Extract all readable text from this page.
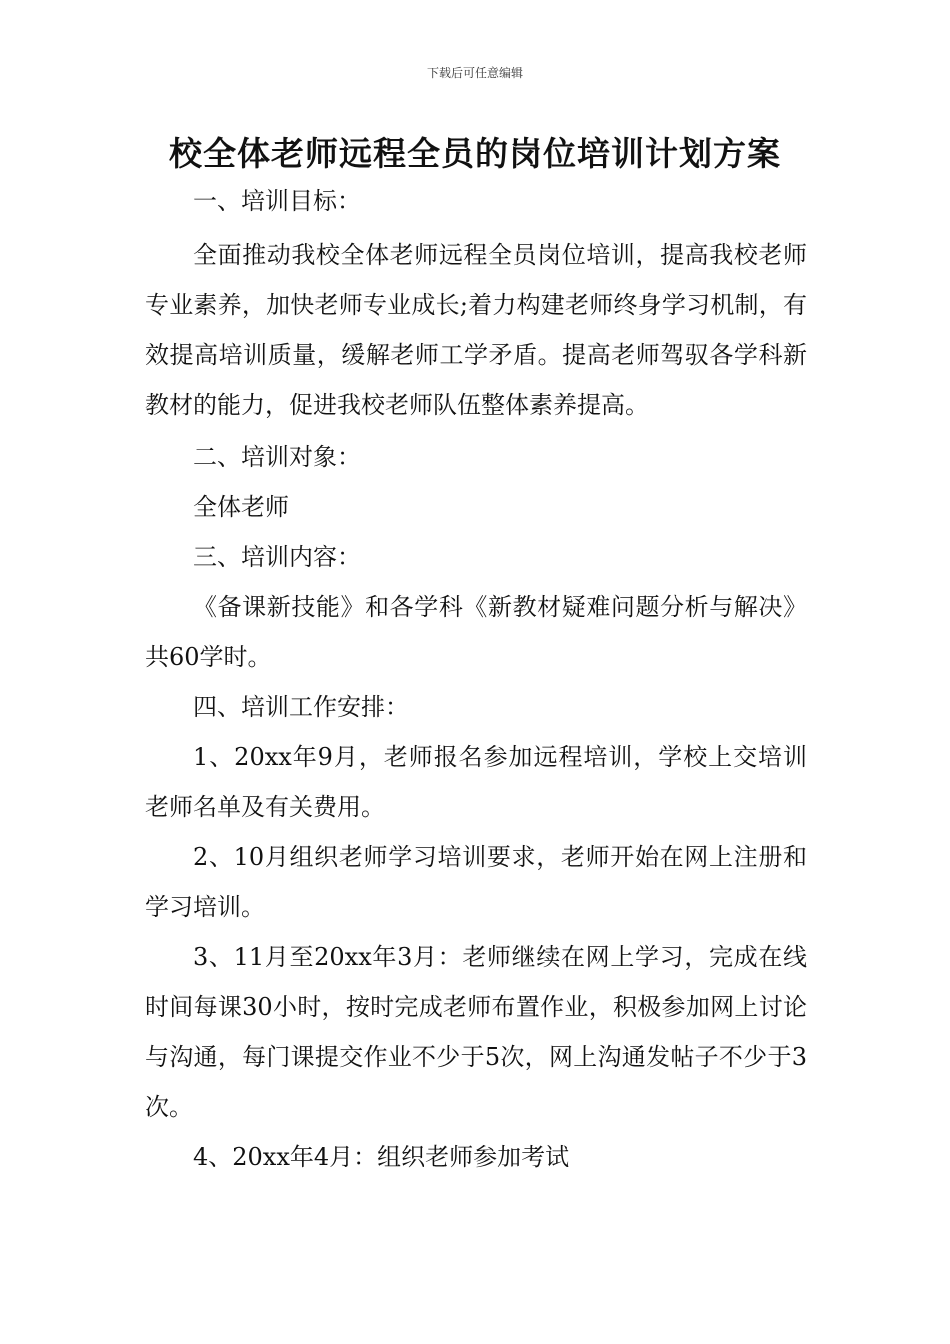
下载后可任意编辑
校全体老师远程全员的岗位培训计划方案

一、培训目标：

全面推动我校全体老师远程全员岗位培训，提高我校老师专业素养，加快老师专业成长;着力构建老师终身学习机制，有效提高培训质量，缓解老师工学矛盾。提高老师驾驭各学科新教材的能力，促进我校老师队伍整体素养提高。

二、培训对象：

全体老师

三、培训内容：

《备课新技能》和各学科《新教材疑难问题分析与解决》共60学时。

四、培训工作安排：

1、20xx年9月，老师报名参加远程培训，学校上交培训老师名单及有关费用。

2、10月组织老师学习培训要求，老师开始在网上注册和学习培训。

3、11月至20xx年3月：老师继续在网上学习，完成在线时间每课30小时，按时完成老师布置作业，积极参加网上讨论与沟通，每门课提交作业不少于5次，网上沟通发帖子不少于3次。

4、20xx年4月：组织老师参加考试
